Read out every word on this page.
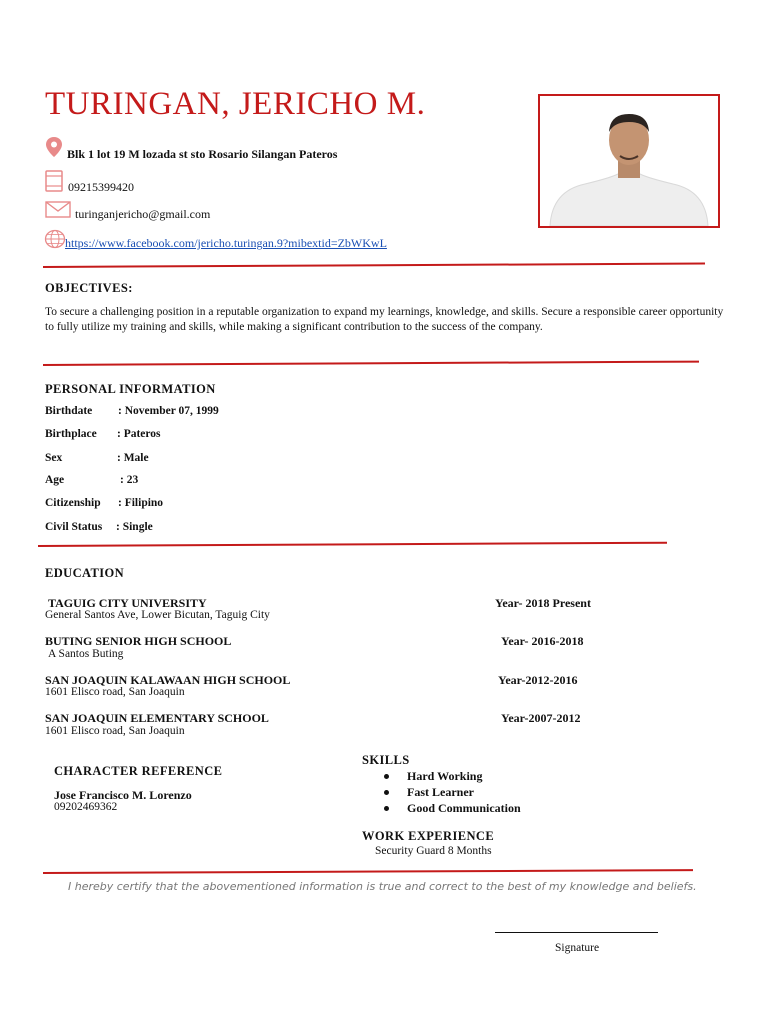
TURINGAN, JERICHO M.
Blk 1 lot 19 M lozada st sto Rosario Silangan Pateros
09215399420
turinganjericho@gmail.com
https://www.facebook.com/jericho.turingan.9?mibextid=ZbWKwL
OBJECTIVES:
To secure a challenging position in a reputable organization to expand my learnings, knowledge, and skills. Secure a responsible career opportunity to fully utilize my training and skills, while making a significant contribution to the success of the company.
PERSONAL INFORMATION
Birthdate : November 07, 1999
Birthplace : Pateros
Sex	: Male
Age	: 23
Citizenship : Filipino
Civil Status : Single
EDUCATION
TAGUIG CITY UNIVERSITY
General Santos Ave, Lower Bicutan, Taguig City
Year- 2018 Present
BUTING SENIOR HIGH SCHOOL
A Santos Buting
Year- 2016-2018
SAN JOAQUIN KALAWAAN HIGH SCHOOL
1601 Elisco road, San Joaquin
Year-2012-2016
SAN JOAQUIN ELEMENTARY SCHOOL
1601 Elisco road, San Joaquin
Year-2007-2012
CHARACTER REFERENCE
Jose Francisco M. Lorenzo
09202469362
SKILLS
Hard Working
Fast Learner
Good Communication
WORK EXPERIENCE
Security Guard 8 Months
I hereby certify that the abovementioned information is true and correct to the best of my knowledge and beliefs.
Signature
